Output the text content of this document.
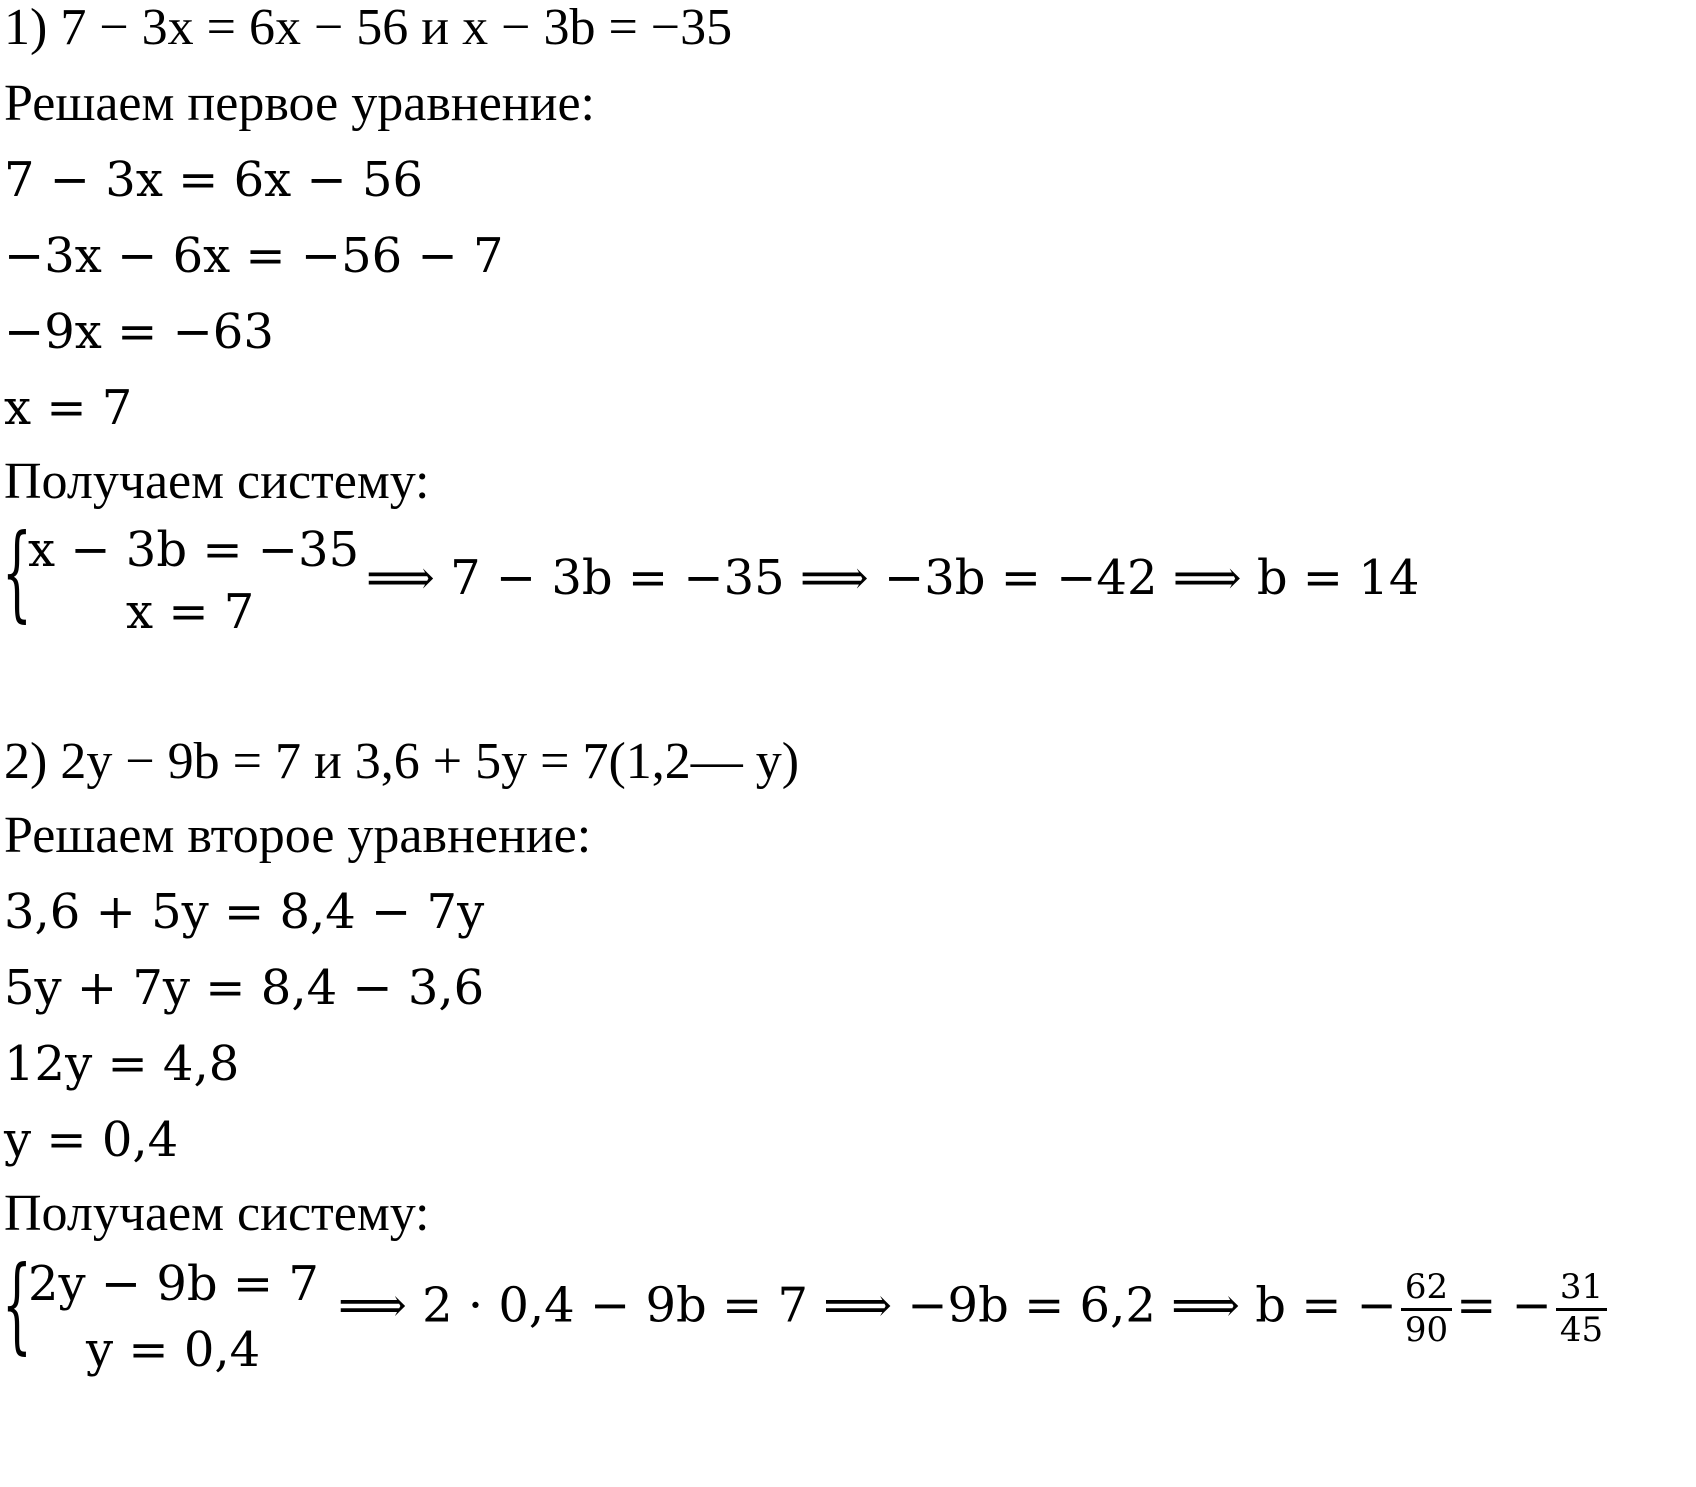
1) 7 − 3x = 6x − 56 и x − 3b = −35
Решаем первое уравнение:
7 − 3x = 6x − 56
−3x − 6x = −56 − 7
−9x = −63
x = 7
Получаем систему:
{
x − 3b = −35
x = 7
⟹ 7 − 3b = −35 ⟹ −3b = −42 ⟹ b = 14
2) 2y − 9b = 7 и 3,6 + 5y = 7(1,2— y)
Решаем второе уравнение:
3,6 + 5y = 8,4 − 7y
5y + 7y = 8,4 − 3,6
12y = 4,8
y = 0,4
Получаем систему:
{
2y − 9b = 7
y = 0,4
⟹ 2 · 0,4 − 9b = 7 ⟹ −9b = 6,2 ⟹ b = − $\frac{62}{90}$ = − $\frac{31}{45}$
